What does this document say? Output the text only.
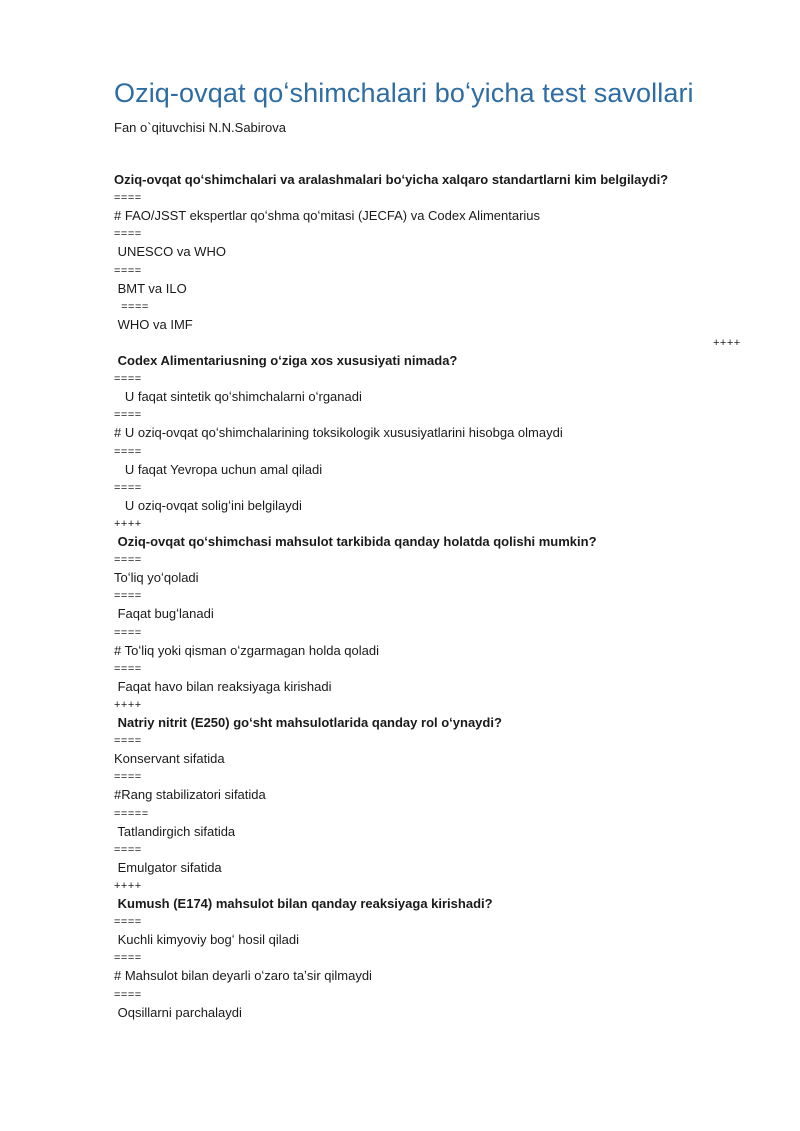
Oziq-ovqat qoʻshimchalari boʻyicha test savollari
Fan o`qituvchisi N.N.Sabirova
Oziq-ovqat qoʻshimchalari va aralashmalari boʻyicha xalqaro standartlarni kim belgilaydi?
====
# FAO/JSST ekspertlar qoʻshma qoʻmitasi (JECFA) va Codex Alimentarius
====
UNESCO va WHO
====
BMT va ILO
====
WHO va IMF
++++
Codex Alimentariusning oʻziga xos xususiyati nimada?
====
U faqat sintetik qoʻshimchalarni oʻrganadi
====
# U oziq-ovqat qoʻshimchalarining toksikologik xususiyatlarini hisobga olmaydi
====
U faqat Yevropa uchun amal qiladi
====
U oziq-ovqat soligʻini belgilaydi
++++
Oziq-ovqat qoʻshimchasi mahsulot tarkibida qanday holatda qolishi mumkin?
====
Toʻliq yoʻqoladi
====
Faqat bugʻlanadi
====
# Toʻliq yoki qisman oʻzgarmagan holda qoladi
====
Faqat havo bilan reaksiyaga kirishadi
++++
Natriy nitrit (E250) goʻsht mahsulotlarida qanday rol oʻynaydi?
====
Konservant sifatida
====
#Rang stabilizatori sifatida
=====
Tatlandirgich sifatida
====
Emulgator sifatida
++++
Kumush (E174) mahsulot bilan qanday reaksiyaga kirishadi?
====
Kuchli kimyoviy bogʻ hosil qiladi
====
# Mahsulot bilan deyarli oʻzaro taʼsir qilmaydi
====
Oqsillarni parchalaydi
